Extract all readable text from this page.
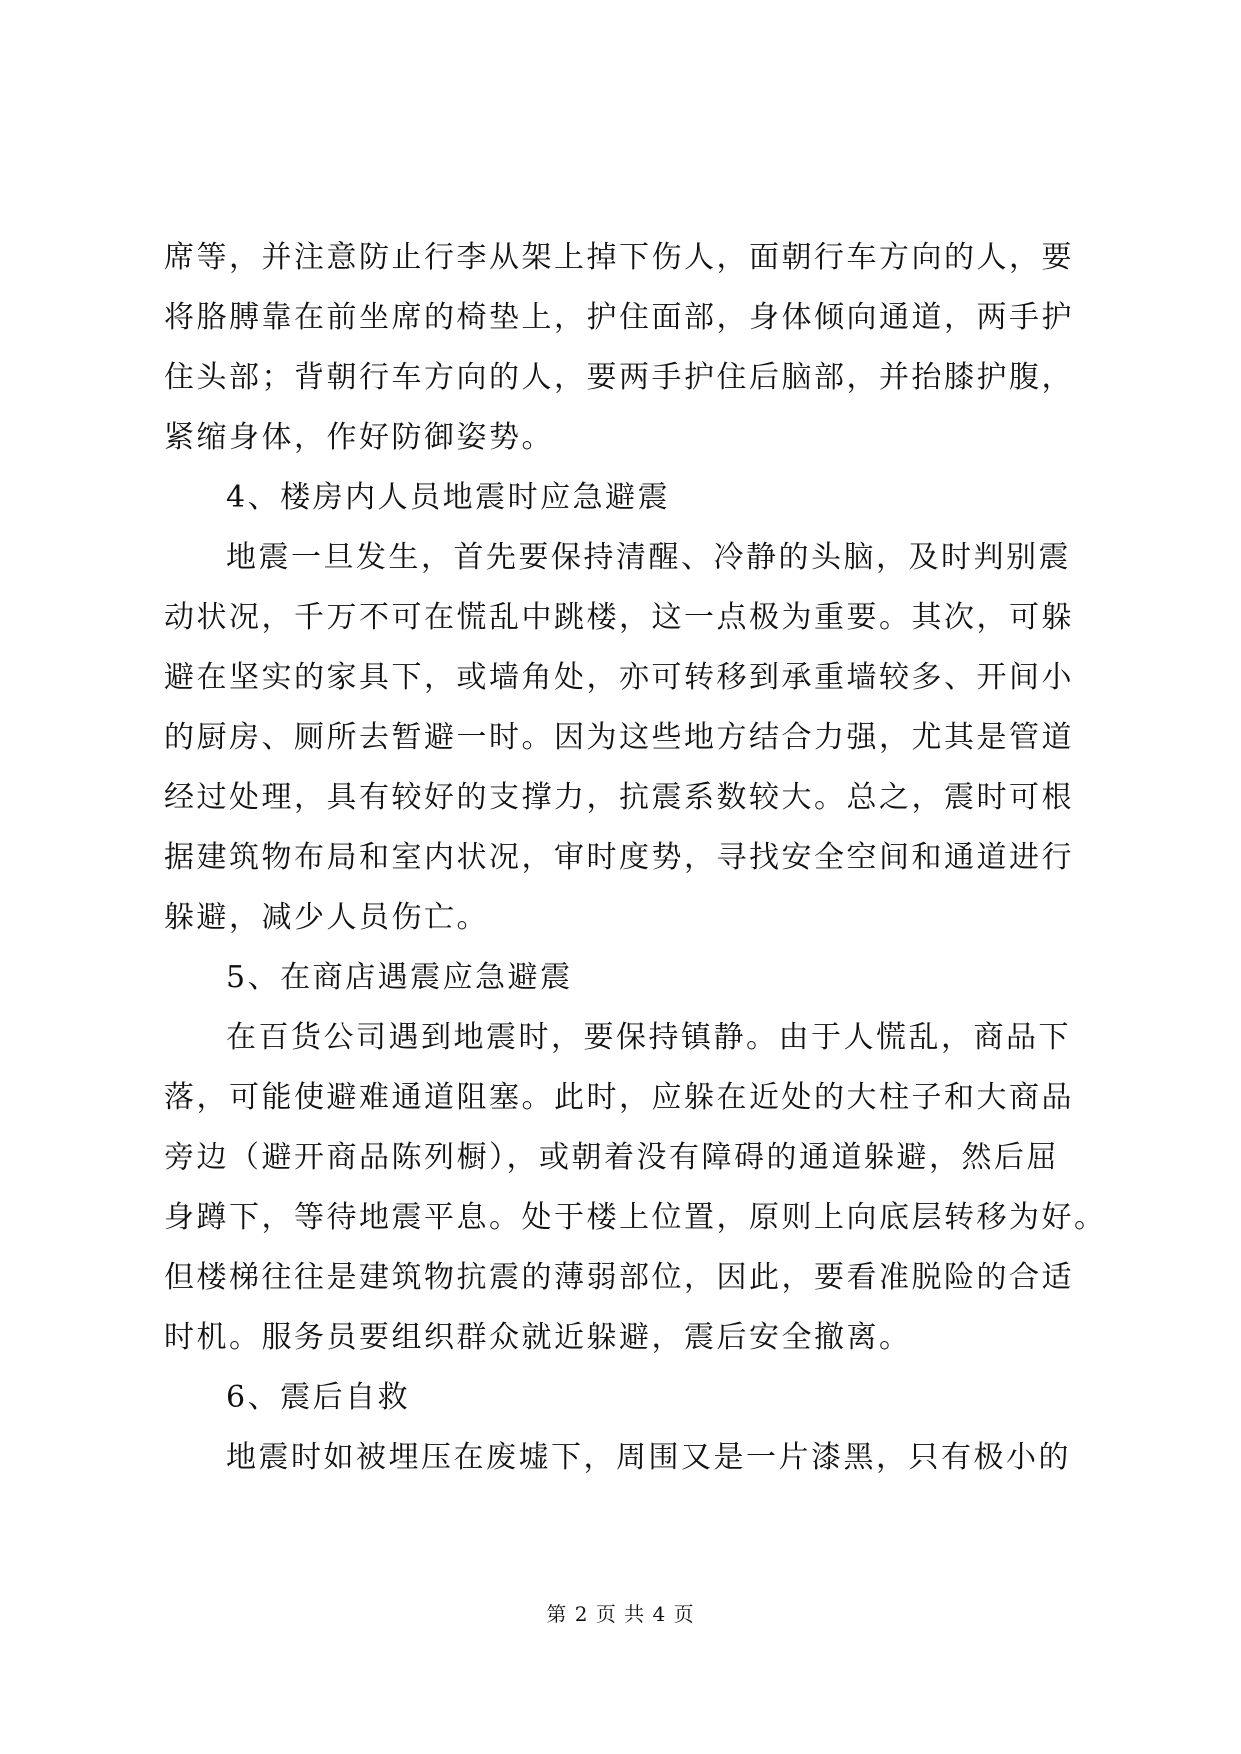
席等，并注意防止行李从架上掉下伤人，面朝行车方向的人，要
将胳膊靠在前坐席的椅垫上，护住面部，身体倾向通道，两手护
住头部；背朝行车方向的人，要两手护住后脑部，并抬膝护腹，
紧缩身体，作好防御姿势。
4、楼房内人员地震时应急避震
地震一旦发生，首先要保持清醒、冷静的头脑，及时判别震
动状况，千万不可在慌乱中跳楼，这一点极为重要。其次，可躲
避在坚实的家具下，或墙角处，亦可转移到承重墙较多、开间小
的厨房、厕所去暂避一时。因为这些地方结合力强，尤其是管道
经过处理，具有较好的支撑力，抗震系数较大。总之，震时可根
据建筑物布局和室内状况，审时度势，寻找安全空间和通道进行
躲避，减少人员伤亡。
5、在商店遇震应急避震
在百货公司遇到地震时，要保持镇静。由于人慌乱，商品下
落，可能使避难通道阻塞。此时，应躲在近处的大柱子和大商品
旁边（避开商品陈列橱），或朝着没有障碍的通道躲避，然后屈
身蹲下，等待地震平息。处于楼上位置，原则上向底层转移为好。
但楼梯往往是建筑物抗震的薄弱部位，因此，要看准脱险的合适
时机。服务员要组织群众就近躲避，震后安全撤离。
6、震后自救
地震时如被埋压在废墟下，周围又是一片漆黑，只有极小的
第 2 页 共 4 页
